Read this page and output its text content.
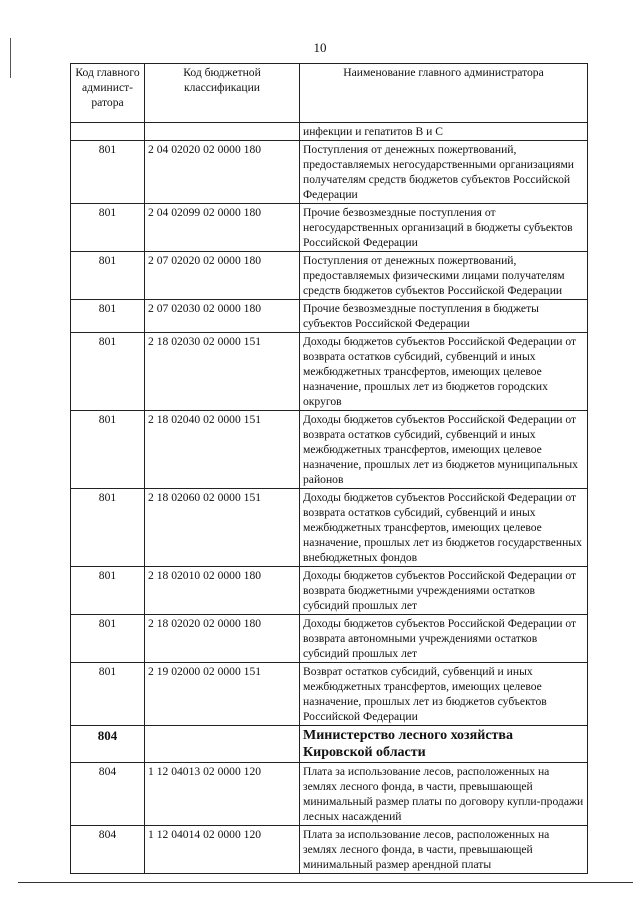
10
Код главного админист-ратора	Код бюджетной классификации	Наименование главного администратора
		инфекции и гепатитов В и С
801	2 04 02020 02 0000 180	Поступления от денежных пожертвований, предоставляемых негосударственными организациями получателям средств бюджетов субъектов Российской Федерации
801	2 04 02099 02 0000 180	Прочие безвозмездные поступления от негосударственных организаций в бюджеты субъектов Российской Федерации
801	2 07 02020 02 0000 180	Поступления от денежных пожертвований, предоставляемых физическими лицами получателям средств бюджетов субъектов Российской Федерации
801	2 07 02030 02 0000 180	Прочие безвозмездные поступления в бюджеты субъектов Российской Федерации
801	2 18 02030 02 0000 151	Доходы бюджетов субъектов Российской Федерации от возврата остатков субсидий, субвенций и иных межбюджетных трансфертов, имеющих целевое назначение, прошлых лет из бюджетов городских округов
801	2 18 02040 02 0000 151	Доходы бюджетов субъектов Российской Федерации от возврата остатков субсидий, субвенций и иных межбюджетных трансфертов, имеющих целевое назначение, прошлых лет из бюджетов муниципальных районов
801	2 18 02060 02 0000 151	Доходы бюджетов субъектов Российской Федерации от возврата остатков субсидий, субвенций и иных межбюджетных трансфертов, имеющих целевое назначение, прошлых лет из бюджетов государственных внебюджетных фондов
801	2 18 02010 02 0000 180	Доходы бюджетов субъектов Российской Федерации от возврата бюджетными учреждениями остатков субсидий прошлых лет
801	2 18 02020 02 0000 180	Доходы бюджетов субъектов Российской Федерации от возврата автономными учреждениями остатков субсидий прошлых лет
801	2 19 02000 02 0000 151	Возврат остатков субсидий, субвенций и иных межбюджетных трансфертов, имеющих целевое назначение, прошлых лет из бюджетов субъектов Российской Федерации
804		Министерство лесного хозяйства Кировской области
804	1 12 04013 02 0000 120	Плата за использование лесов, расположенных на землях лесного фонда, в части, превышающей минимальный размер платы по договору купли-продажи лесных насаждений
804	1 12 04014 02 0000 120	Плата за использование лесов, расположенных на землях лесного фонда, в части, превышающей минимальный размер арендной платы
